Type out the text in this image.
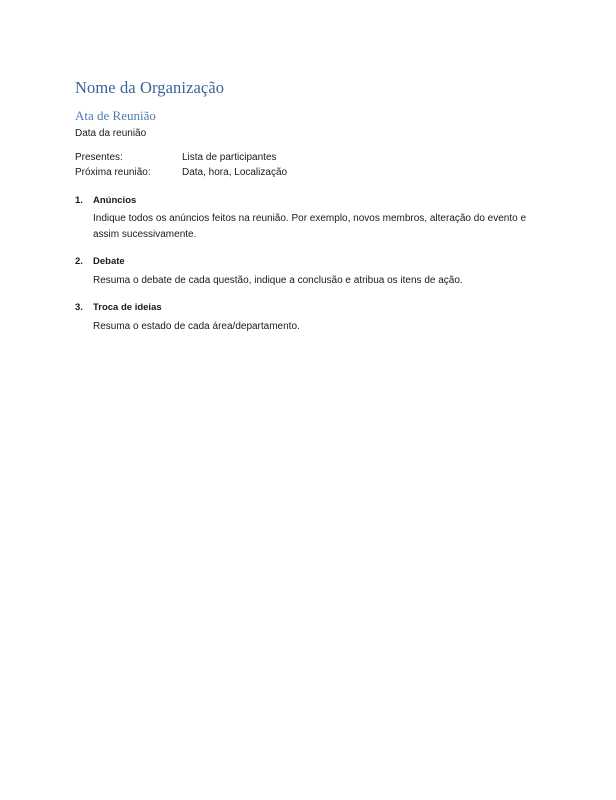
Nome da Organização
Ata de Reunião
Data da reunião
Presentes:	Lista de participantes
Próxima reunião:	Data, hora, Localização
1. Anúncios
Indique todos os anúncios feitos na reunião. Por exemplo, novos membros, alteração do evento e assim sucessivamente.
2. Debate
Resuma o debate de cada questão, indique a conclusão e atribua os itens de ação.
3. Troca de ideias
Resuma o estado de cada área/departamento.
